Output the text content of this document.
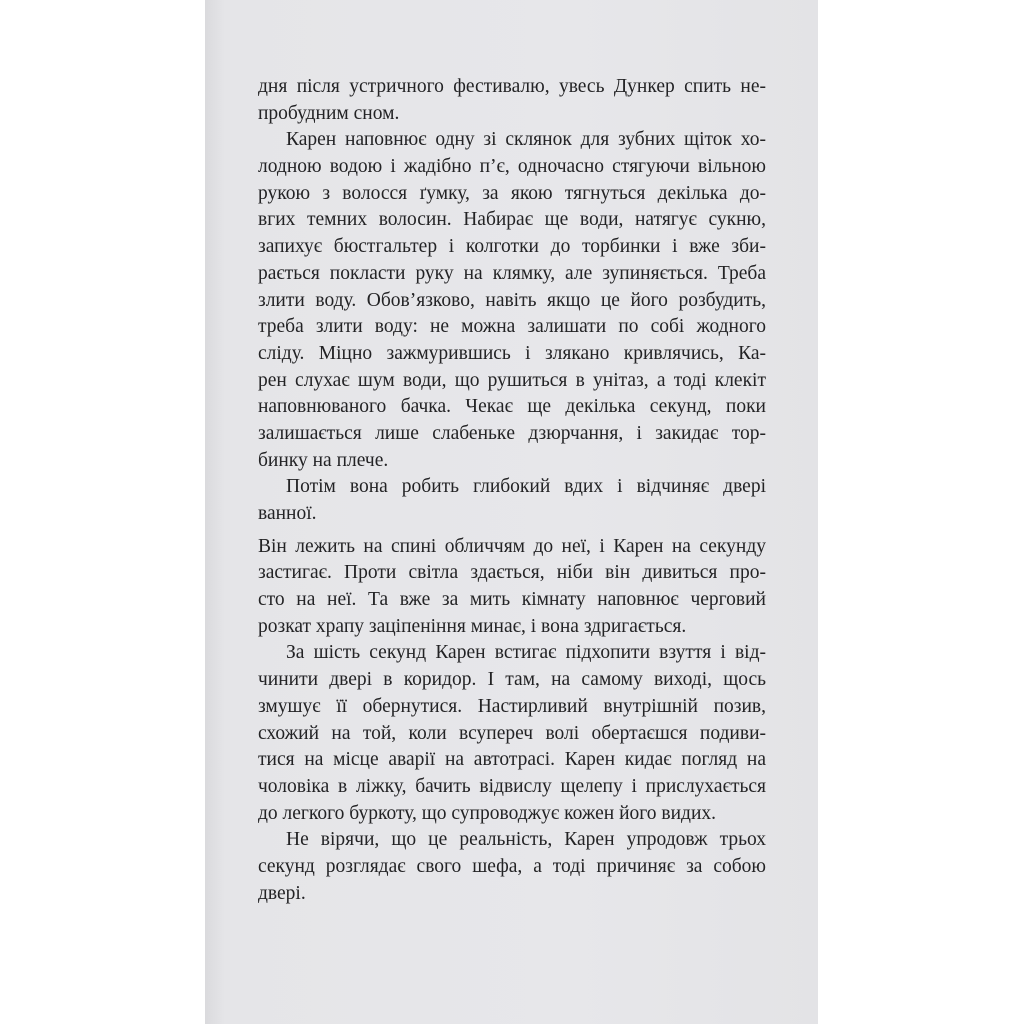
дня після устричного фестивалю, увесь Дункер спить не-
пробудним сном.
Карен наповнює одну зі склянок для зубних щіток хо-
лодною водою і жадібно п’є, одночасно стягуючи вільною
рукою з волосся ґумку, за якою тягнуться декілька до-
вгих темних волосин. Набирає ще води, натягує сукню,
запихує бюстгальтер і колготки до торбинки і вже зби-
рається покласти руку на клямку, але зупиняється. Треба
злити воду. Обов’язково, навіть якщо це його розбудить,
треба злити воду: не можна залишати по собі жодного
сліду. Міцно зажмурившись і злякано кривлячись, Ка-
рен слухає шум води, що рушиться в унітаз, а тоді клекіт
наповнюваного бачка. Чекає ще декілька секунд, поки
залишається лише слабенькe дзюрчання, і закидає тор-
бинку на плече.
Потім вона робить глибокий вдих і відчиняє двері
ванної.
Він лежить на спині обличчям до неї, і Карен на секунду
застигає. Проти світла здається, ніби він дивиться про-
сто на неї. Та вже за мить кімнату наповнює черговий
розкат храпу заціпеніння минає, і вона здригається.
За шість секунд Карен встигає підхопити взуття і від-
чинити двері в коридор. І там, на самому виході, щось
змушує її обернутися. Настирливий внутрішній позив,
схожий на той, коли всупереч волі обертаєшся подиви-
тися на місце аварії на автотрасі. Карен кидає погляд на
чоловіка в ліжку, бачить відвислу щелепу і прислухається
до легкого буркоту, що супроводжує кожен його видих.
Не вірячи, що це реальність, Карен упродовж трьох
секунд розглядає свого шефа, а тоді причиняє за собою
двері.
